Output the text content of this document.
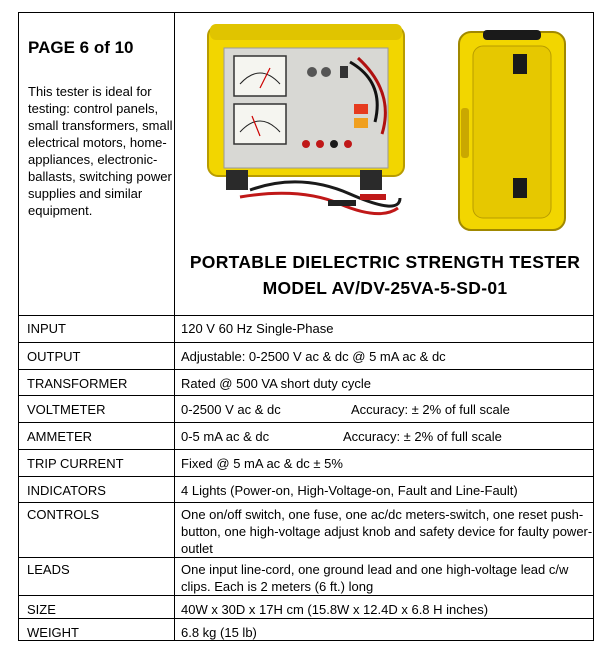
PAGE 6 of 10
This tester is ideal for testing: control panels, small transformers, small electrical motors, home-appliances, electronic-ballasts, switching power supplies and similar equipment.
PORTABLE DIELECTRIC STRENGTH TESTER
MODEL AV/DV-25VA-5-SD-01
INPUT	120 V 60 Hz Single-Phase
OUTPUT	Adjustable: 0-2500 V ac & dc @ 5 mA ac & dc
TRANSFORMER	Rated @ 500 VA short duty cycle
VOLTMETER	0-2500 V ac & dc Accuracy: ± 2% of full scale
AMMETER	0-5 mA ac & dc Accuracy: ± 2% of full scale
TRIP CURRENT	Fixed @ 5 mA ac & dc ± 5%
INDICATORS	4 Lights (Power-on, High-Voltage-on, Fault and Line-Fault)
CONTROLS	One on/off switch, one fuse, one ac/dc meters-switch, one reset push-button, one high-voltage adjust knob and safety device for faulty power-outlet
LEADS	One input line-cord, one ground lead and one high-voltage lead c/w clips. Each is 2 meters (6 ft.) long
SIZE	40W x 30D x 17H cm (15.8W x 12.4D x 6.8 H inches)
WEIGHT	6.8 kg (15 lb)
